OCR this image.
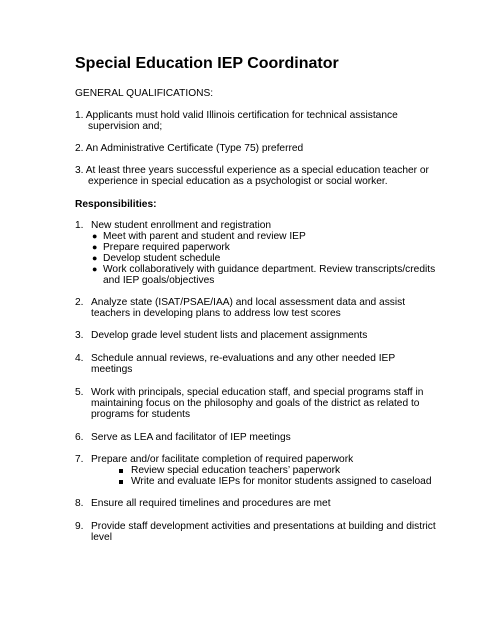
Special Education IEP Coordinator
GENERAL QUALIFICATIONS:
1. Applicants must hold valid Illinois certification for technical assistance
supervision and;
2. An Administrative Certificate (Type 75) preferred
3. At least three years successful experience as a special education teacher or
experience in special education as a psychologist or social worker.
Responsibilities:
1. New student enrollment and registration
● Meet with parent and student and review IEP
● Prepare required paperwork
● Develop student schedule
● Work collaboratively with guidance department. Review transcripts/credits
and IEP goals/objectives
2. Analyze state (ISAT/PSAE/IAA) and local assessment data and assist
teachers in developing plans to address low test scores
3. Develop grade level student lists and placement assignments
4. Schedule annual reviews, re-evaluations and any other needed IEP
meetings
5. Work with principals, special education staff, and special programs staff in
maintaining focus on the philosophy and goals of the district as related to
programs for students
6. Serve as LEA and facilitator of IEP meetings
7. Prepare and/or facilitate completion of required paperwork
Review special education teachers’ paperwork
Write and evaluate IEPs for monitor students assigned to caseload
8. Ensure all required timelines and procedures are met
9. Provide staff development activities and presentations at building and district
level
